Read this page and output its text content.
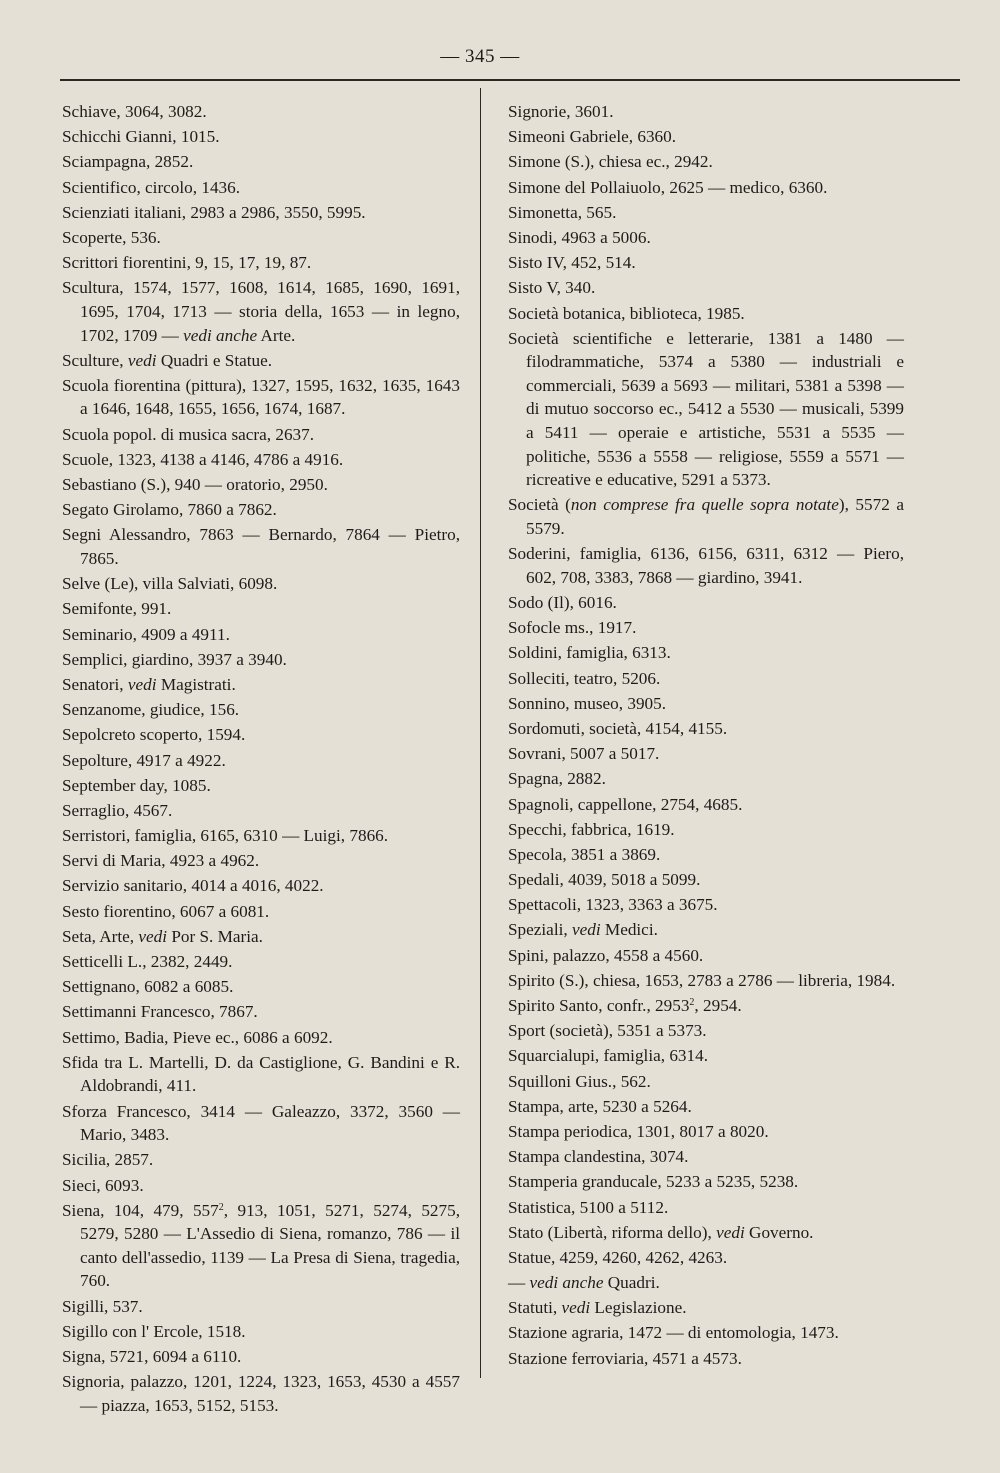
— 345 —
Schiave, 3064, 3082.
Schicchi Gianni, 1015.
Sciampagna, 2852.
Scientifico, circolo, 1436.
Scienziati italiani, 2983 a 2986, 3550, 5995.
Scoperte, 536.
Scrittori fiorentini, 9, 15, 17, 19, 87.
Scultura, 1574, 1577, 1608, 1614, 1685, 1690, 1691, 1695, 1704, 1713 — storia della, 1653 — in legno, 1702, 1709 — vedi anche Arte.
Sculture, vedi Quadri e Statue.
Scuola fiorentina (pittura), 1327, 1595, 1632, 1635, 1643 a 1646, 1648, 1655, 1656, 1674, 1687.
Scuola popol. di musica sacra, 2637.
Scuole, 1323, 4138 a 4146, 4786 a 4916.
Sebastiano (S.), 940 — oratorio, 2950.
Segato Girolamo, 7860 a 7862.
Segni Alessandro, 7863 — Bernardo, 7864 — Pietro, 7865.
Selve (Le), villa Salviati, 6098.
Semifonte, 991.
Seminario, 4909 a 4911.
Semplici, giardino, 3937 a 3940.
Senatori, vedi Magistrati.
Senzanome, giudice, 156.
Sepolcreto scoperto, 1594.
Sepolture, 4917 a 4922.
September day, 1085.
Serraglio, 4567.
Serristori, famiglia, 6165, 6310 — Luigi, 7866.
Servi di Maria, 4923 a 4962.
Servizio sanitario, 4014 a 4016, 4022.
Sesto fiorentino, 6067 a 6081.
Seta, Arte, vedi Por S. Maria.
Setticelli L., 2382, 2449.
Settignano, 6082 a 6085.
Settimanni Francesco, 7867.
Settimo, Badia, Pieve ec., 6086 a 6092.
Sfida tra L. Martelli, D. da Castiglione, G. Bandini e R. Aldobrandi, 411.
Sforza Francesco, 3414 — Galeazzo, 3372, 3560 — Mario, 3483.
Sicilia, 2857.
Sieci, 6093.
Siena, 104, 479, $557^2$, 913, 1051, 5271, 5274, 5275, 5279, 5280 — L'Assedio di Siena, romanzo, 786 — il canto dell'assedio, 1139 — La Presa di Siena, tragedia, 760.
Sigilli, 537.
Sigillo con l' Ercole, 1518.
Signa, 5721, 6094 a 6110.
Signoria, palazzo, 1201, 1224, 1323, 1653, 4530 a 4557 — piazza, 1653, 5152, 5153.
Signorie, 3601.
Simeoni Gabriele, 6360.
Simone (S.), chiesa ec., 2942.
Simone del Pollaiuolo, 2625 — medico, 6360.
Simonetta, 565.
Sinodi, 4963 a 5006.
Sisto IV, 452, 514.
Sisto V, 340.
Società botanica, biblioteca, 1985.
Società scientifiche e letterarie, 1381 a 1480 — filodrammatiche, 5374 a 5380 — industriali e commerciali, 5639 a 5693 — militari, 5381 a 5398 — di mutuo soccorso ec., 5412 a 5530 — musicali, 5399 a 5411 — operaie e artistiche, 5531 a 5535 — politiche, 5536 a 5558 — religiose, 5559 a 5571 — ricreative e educative, 5291 a 5373.
Società (non comprese fra quelle sopra notate), 5572 a 5579.
Soderini, famiglia, 6136, 6156, 6311, 6312 — Piero, 602, 708, 3383, 7868 — giardino, 3941.
Sodo (Il), 6016.
Sofocle ms., 1917.
Soldini, famiglia, 6313.
Solleciti, teatro, 5206.
Sonnino, museo, 3905.
Sordomuti, società, 4154, 4155.
Sovrani, 5007 a 5017.
Spagna, 2882.
Spagnoli, cappellone, 2754, 4685.
Specchi, fabbrica, 1619.
Specola, 3851 a 3869.
Spedali, 4039, 5018 a 5099.
Spettacoli, 1323, 3363 a 3675.
Speziali, vedi Medici.
Spini, palazzo, 4558 a 4560.
Spirito (S.), chiesa, 1653, 2783 a 2786 — libreria, 1984.
Spirito Santo, confr., 2953$^2$, 2954.
Sport (società), 5351 a 5373.
Squarcialupi, famiglia, 6314.
Squilloni Gius., 562.
Stampa, arte, 5230 a 5264.
Stampa periodica, 1301, 8017 a 8020.
Stampa clandestina, 3074.
Stamperia granducale, 5233 a 5235, 5238.
Statistica, 5100 a 5112.
Stato (Libertà, riforma dello), vedi Governo.
Statue, 4259, 4260, 4262, 4263.
— vedi anche Quadri.
Statuti, vedi Legislazione.
Stazione agraria, 1472 — di entomologia, 1473.
Stazione ferroviaria, 4571 a 4573.
